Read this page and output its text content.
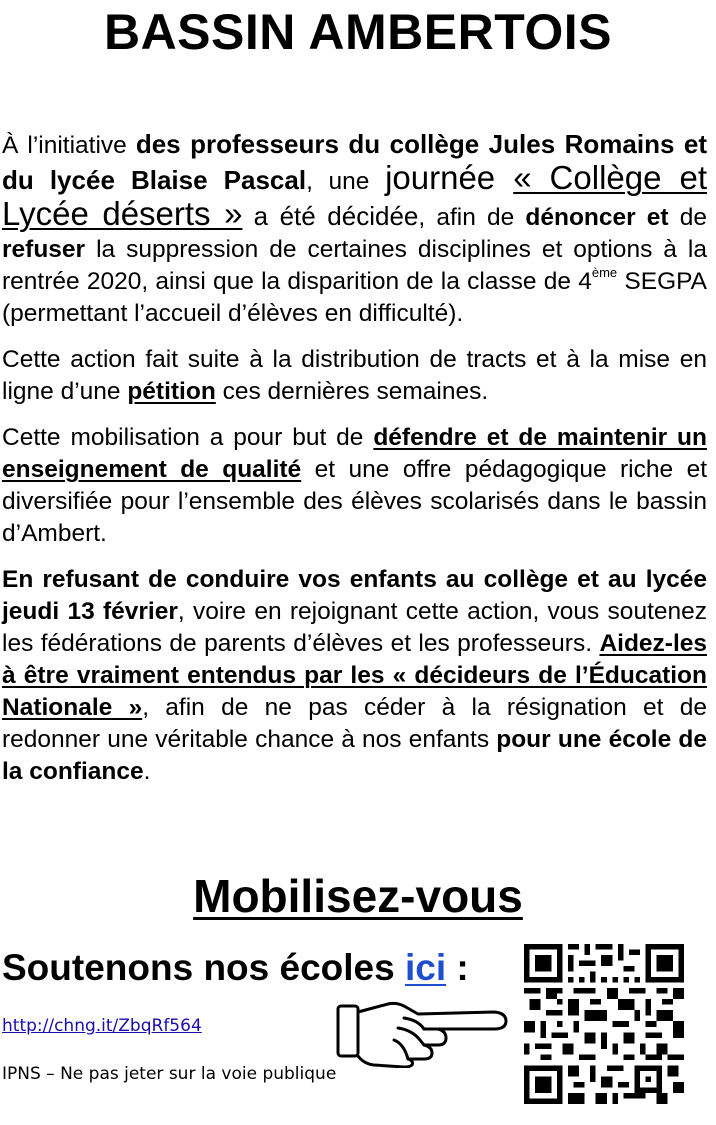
BASSIN AMBERTOIS

À l’initiative des professeurs du collège Jules Romains et du lycée Blaise Pascal, une journée « Collège et Lycée déserts » a été décidée, afin de dénoncer et de refuser la suppression de certaines disciplines et options à la rentrée 2020, ainsi que la disparition de la classe de 4ème SEGPA (permettant l’accueil d’élèves en difficulté).

Cette action fait suite à la distribution de tracts et à la mise en ligne d’une pétition ces dernières semaines.

Cette mobilisation a pour but de défendre et de maintenir un enseignement de qualité et une offre pédagogique riche et diversifiée pour l’ensemble des élèves scolarisés dans le bassin d’Ambert.

En refusant de conduire vos enfants au collège et au lycée jeudi 13 février, voire en rejoignant cette action, vous soutenez les fédérations de parents d’élèves et les professeurs. Aidez-les à être vraiment entendus par les « décideurs de l’Éducation Nationale », afin de ne pas céder à la résignation et de redonner une véritable chance à nos enfants pour une école de la confiance.

Mobilisez-vous
Soutenons nos écoles ici :
http://chng.it/ZbqRf564
IPNS – Ne pas jeter sur la voie publique
